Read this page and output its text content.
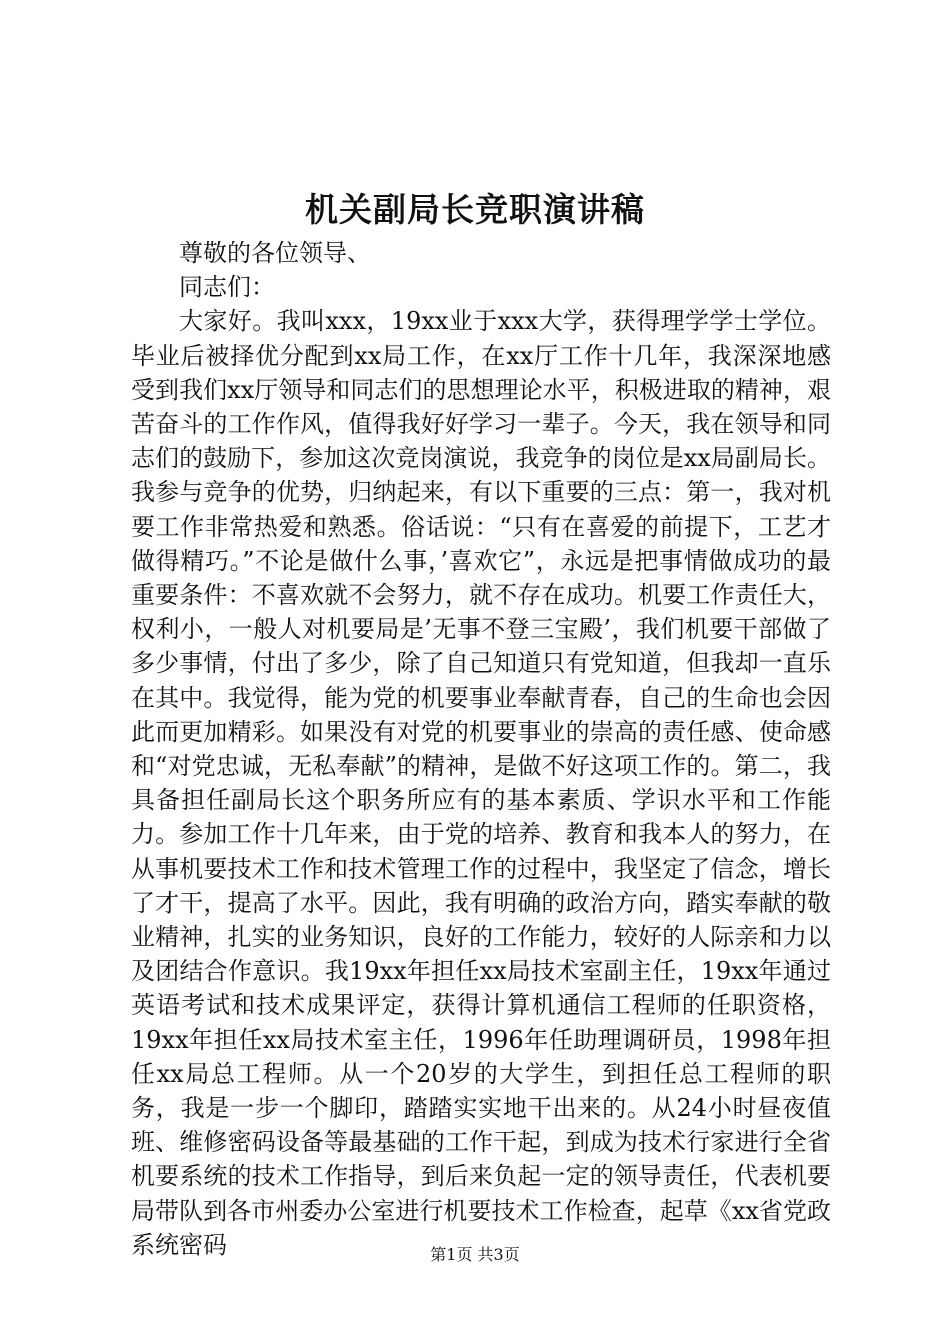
机关副局长竞职演讲稿

尊敬的各位领导、

同志们：

大家好。我叫xxx，19xx业于xxx大学，获得理学学士学位。毕业后被择优分配到xx局工作，在xx厅工作十几年，我深深地感受到我们xx厅领导和同志们的思想理论水平，积极进取的精神，艰苦奋斗的工作作风，值得我好好学习一辈子。今天，我在领导和同志们的鼓励下，参加这次竞岗演说，我竞争的岗位是xx局副局长。我参与竞争的优势，归纳起来，有以下重要的三点：第一，我对机要工作非常热爱和熟悉。俗话说：“只有在喜爱的前提下，工艺才做得精巧。”不论是做什么事，’喜欢它”，永远是把事情做成功的最重要条件：不喜欢就不会努力，就不存在成功。机要工作责任大，权利小，一般人对机要局是’无事不登三宝殿’，我们机要干部做了多少事情，付出了多少，除了自己知道只有党知道，但我却一直乐在其中。我觉得，能为党的机要事业奉献青春，自己的生命也会因此而更加精彩。如果没有对党的机要事业的崇高的责任感、使命感和“对党忠诚，无私奉献”的精神，是做不好这项工作的。第二，我具备担任副局长这个职务所应有的基本素质、学识水平和工作能力。参加工作十几年来，由于党的培养、教育和我本人的努力，在从事机要技术工作和技术管理工作的过程中，我坚定了信念，增长了才干，提高了水平。因此，我有明确的政治方向，踏实奉献的敬业精神，扎实的业务知识，良好的工作能力，较好的人际亲和力以及团结合作意识。我19xx年担任xx局技术室副主任，19xx年通过英语考试和技术成果评定，获得计算机通信工程师的任职资格，19xx年担任xx局技术室主任，1996年任助理调研员，1998年担任xx局总工程师。从一个20岁的大学生，到担任总工程师的职务，我是一步一个脚印，踏踏实实地干出来的。从24小时昼夜值班、维修密码设备等最基础的工作干起，到成为技术行家进行全省机要系统的技术工作指导，到后来负起一定的领导责任，代表机要局带队到各市州委办公室进行机要技术工作检查，起草《xx省党政系统密码	第1页 共3页
